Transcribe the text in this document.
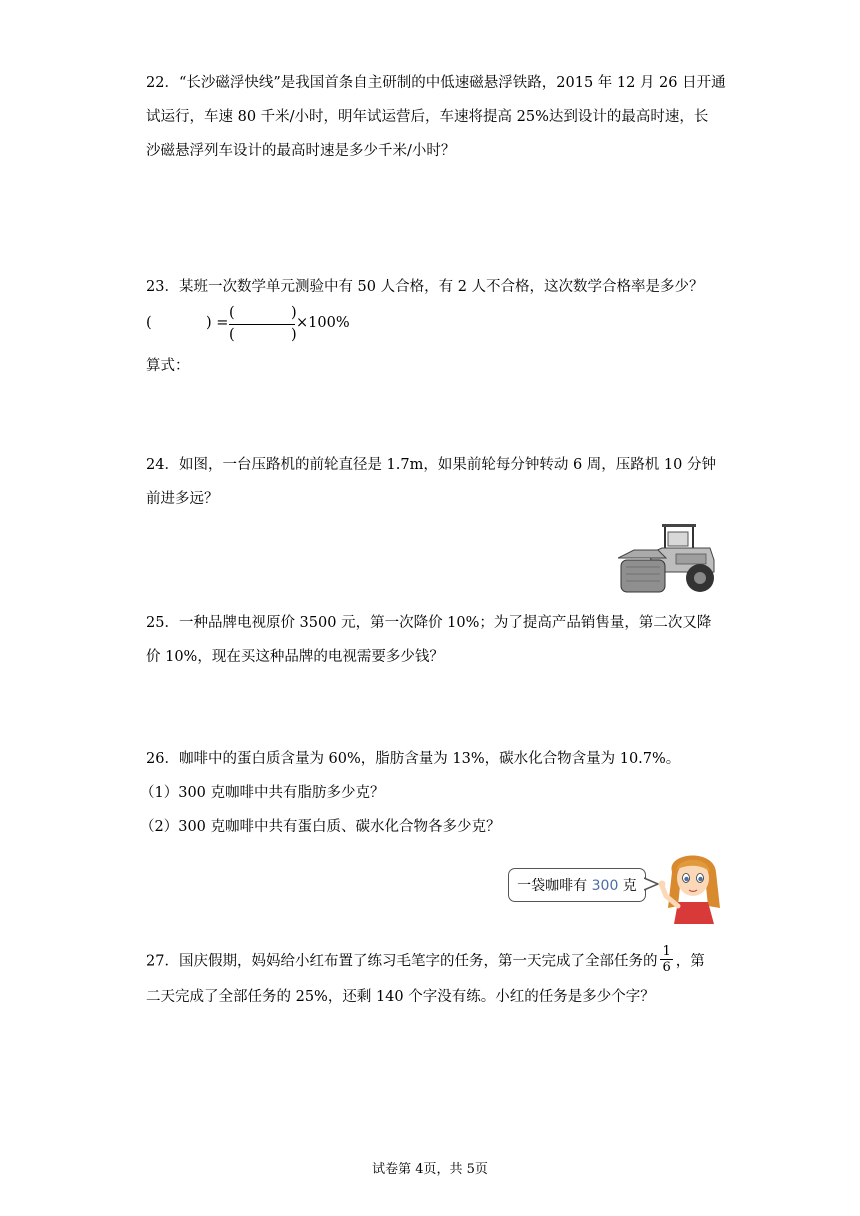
22．“长沙磁浮快线”是我国首条自主研制的中低速磁悬浮铁路，2015 年 12 月 26 日开通
试运行，车速 80 千米/小时，明年试运营后，车速将提高 25%达到设计的最高时速，长
沙磁悬浮列车设计的最高时速是多少千米/小时？
23．某班一次数学单元测验中有 50 人合格，有 2 人不合格，这次数学合格率是多少？
(	) =
(	)
(	)
×100%
算式：
24．如图，一台压路机的前轮直径是 1.7m，如果前轮每分钟转动 6 周，压路机 10 分钟
前进多远？
25．一种品牌电视原价 3500 元，第一次降价 10%；为了提高产品销售量，第二次又降
价 10%，现在买这种品牌的电视需要多少钱？
26．咖啡中的蛋白质含量为 60%，脂肪含量为 13%，碳水化合物含量为 10.7%。
（1）300 克咖啡中共有脂肪多少克？
（2）300 克咖啡中共有蛋白质、碳水化合物各多少克？
一袋咖啡有 300 克
27．国庆假期，妈妈给小红布置了练习毛笔字的任务，第一天完成了全部任务的 $\frac{1}{6}$ ，第
二天完成了全部任务的 25%，还剩 140 个字没有练。小红的任务是多少个字？
试卷第 4页，共 5页
